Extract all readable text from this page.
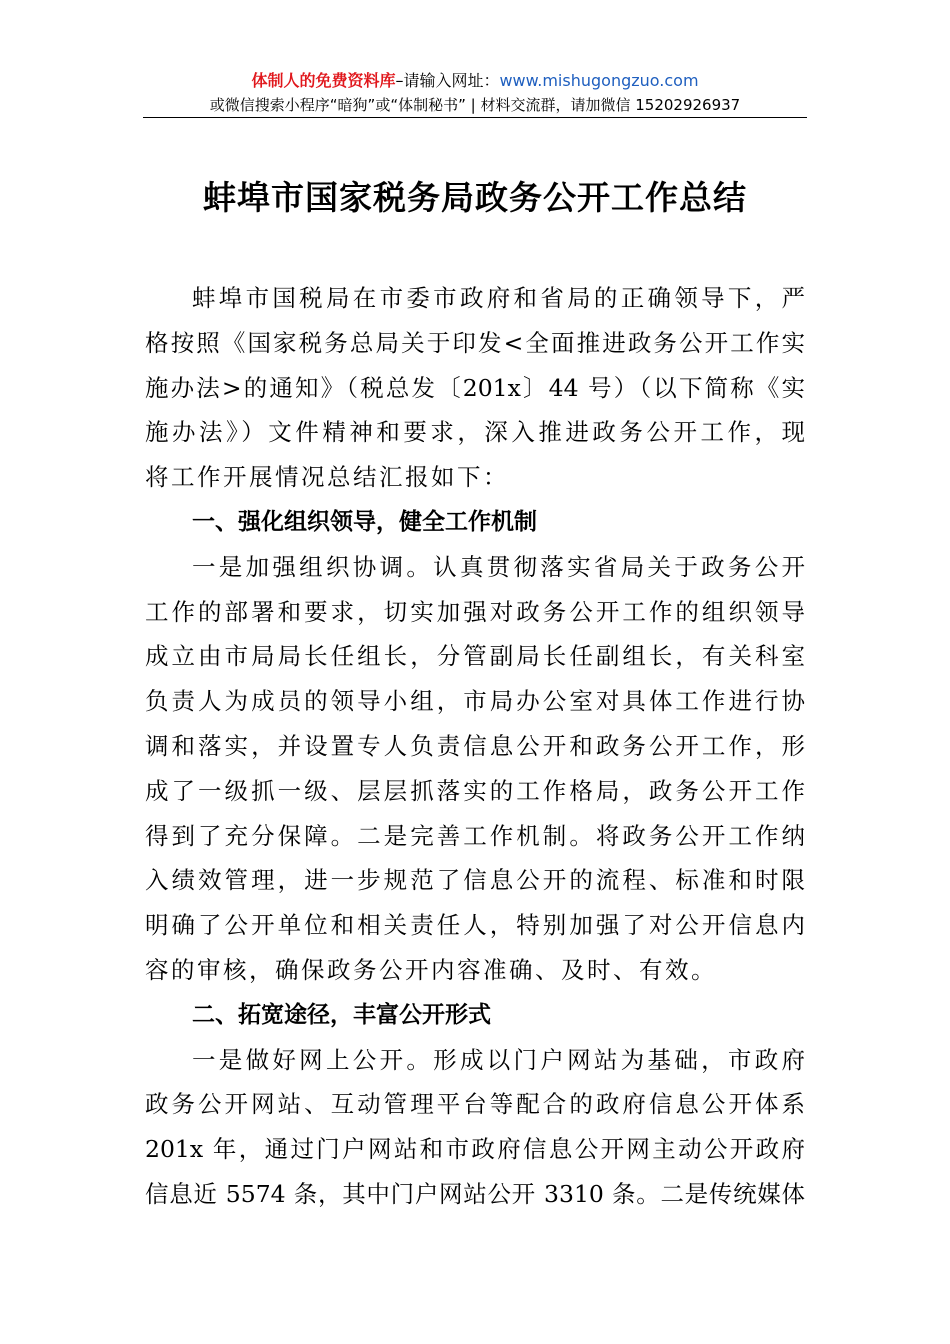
体制人的免费资料库–请输入网址：www.mishugongzuo.com
或微信搜索小程序“暗狗”或“体制秘书” | 材料交流群，请加微信 15202926937
蚌埠市国家税务局政务公开工作总结
蚌埠市国税局在市委市政府和省局的正确领导下，严
格按照《国家税务总局关于印发<全面推进政务公开工作实
施办法>的通知》（税总发〔201x〕44 号）（以下简称《实
施办法》）文件精神和要求，深入推进政务公开工作，现
将工作开展情况总结汇报如下：
一、强化组织领导，健全工作机制
一是加强组织协调。认真贯彻落实省局关于政务公开
工作的部署和要求，切实加强对政务公开工作的组织领导
成立由市局局长任组长，分管副局长任副组长，有关科室
负责人为成员的领导小组，市局办公室对具体工作进行协
调和落实，并设置专人负责信息公开和政务公开工作，形
成了一级抓一级、层层抓落实的工作格局，政务公开工作
得到了充分保障。二是完善工作机制。将政务公开工作纳
入绩效管理，进一步规范了信息公开的流程、标准和时限
明确了公开单位和相关责任人，特别加强了对公开信息内
容的审核，确保政务公开内容准确、及时、有效。
二、拓宽途径，丰富公开形式
一是做好网上公开。形成以门户网站为基础，市政府
政务公开网站、互动管理平台等配合的政府信息公开体系
201x 年，通过门户网站和市政府信息公开网主动公开政府
信息近 5574 条，其中门户网站公开 3310 条。二是传统媒体
